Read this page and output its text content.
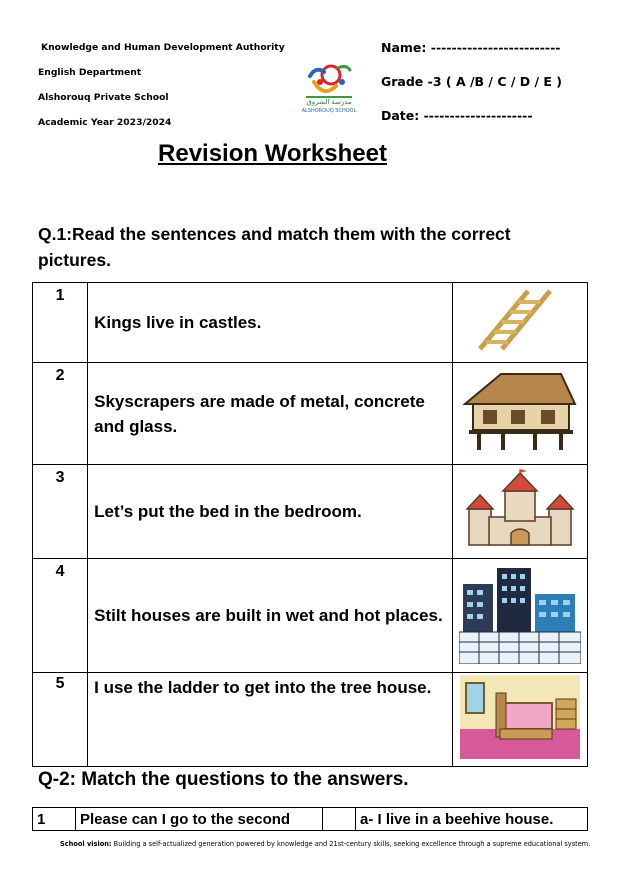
Knowledge and Human Development Authority
English Department
Alshorouq Private School
Academic Year 2023/2024
مدرسة الشروق
ALSHOROUQ SCHOOL
Name: -------------------------
Grade -3 ( A /B / C / D / E )
Date: ---------------------
Revision Worksheet
Q.1:Read the sentences and match them with the correct pictures.
1	Kings live in castles.	

2	Skyscrapers are made of metal, concrete and glass.	

3	Let’s put the bed in the bedroom.	

4	Stilt houses are built in wet and hot places.	

5	I use the ladder to get into the tree house.	
Q-2: Match the questions to the answers.
1	Please can I go to the second		a- I live in a beehive house.
School vision: Building a self-actualized generation powered by knowledge and 21st-century skills, seeking excellence through a supreme educational system.
